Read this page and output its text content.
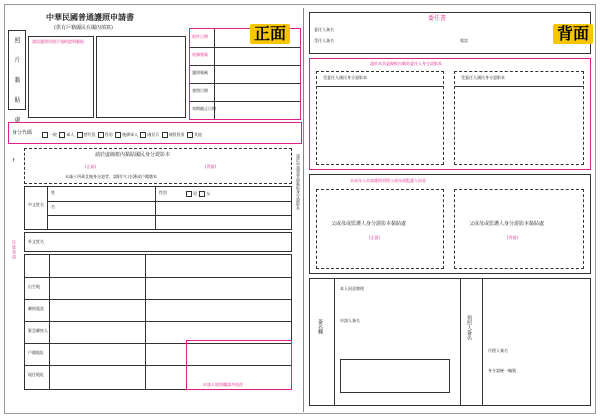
照 片 黏 貼 處
中華民國普通護照申請書
(供有戶籍國民在國內填寫)
請依護照用照片規格說明黏貼
收件日期
收據號碼
護照號碼
發照日期
效期截止日期
正面
身分代碼	一般 軍人 替代役 役男 後備軍人 國民兵 補役役男 其他
請於虛線框內黏貼國民身分證影本
(正面)	(背面)
未滿十四歲且無身分證者，請附戶口名簿或戶籍謄本
←	請於申請書背面黏貼身分證影本
中文姓名
姓
名
性別	男 女
外文姓名
注意事項
出生地
聯絡電話
緊急聯絡人
戶籍地址
現住地址
申請人填寫欄請勿塗改
委任書
委任人簽名
受任人簽名	電話	背面
請於本頁虛線框內黏貼委任人身分證影本
受委任人國民身分證影本	受委任人國民身分證影本
未成年人申請護照須經父或母或監護人同意
父或母或監護人身分證影本黏貼處
(正面)
父或母或監護人身分證影本黏貼處
(背面)
簽名欄	領照人簽名
本人同意辦理
申請人簽名
代理人簽名
身分證統一編號
